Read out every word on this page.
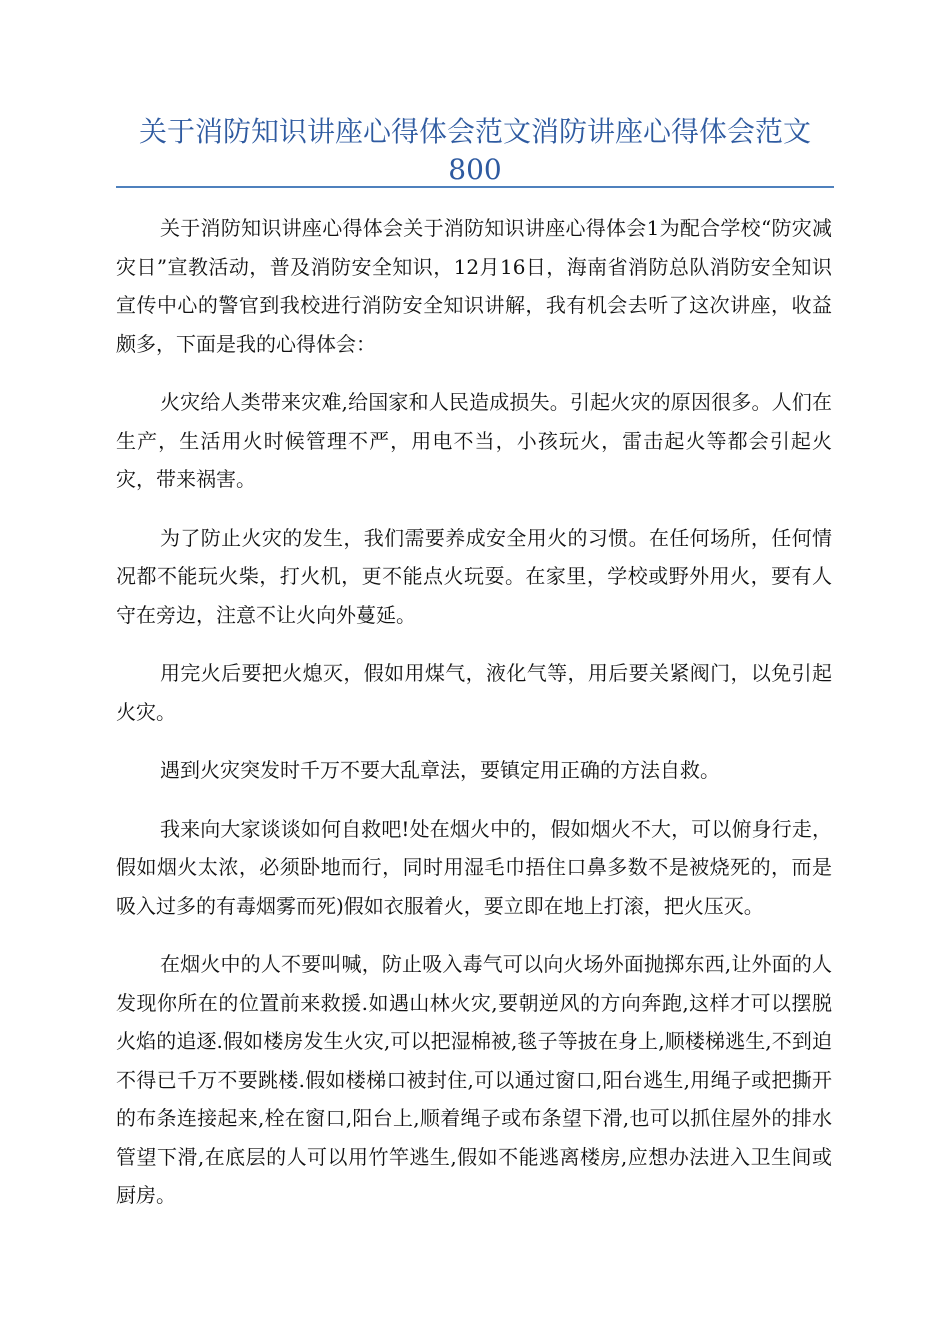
关于消防知识讲座心得体会范文消防讲座心得体会范文800

关于消防知识讲座心得体会关于消防知识讲座心得体会1为配合学校“防灾减灾日”宣教活动，普及消防安全知识，12月16日，海南省消防总队消防安全知识宣传中心的警官到我校进行消防安全知识讲解，我有机会去听了这次讲座，收益颇多，下面是我的心得体会：

火灾给人类带来灾难,给国家和人民造成损失。引起火灾的原因很多。人们在生产，生活用火时候管理不严，用电不当，小孩玩火，雷击起火等都会引起火灾，带来祸害。

为了防止火灾的发生，我们需要养成安全用火的习惯。在任何场所，任何情况都不能玩火柴，打火机，更不能点火玩耍。在家里，学校或野外用火，要有人守在旁边，注意不让火向外蔓延。

用完火后要把火熄灭，假如用煤气，液化气等，用后要关紧阀门，以免引起火灾。

遇到火灾突发时千万不要大乱章法，要镇定用正确的方法自救。

我来向大家谈谈如何自救吧!处在烟火中的，假如烟火不大，可以俯身行走，假如烟火太浓，必须卧地而行，同时用湿毛巾捂住口鼻多数不是被烧死的，而是吸入过多的有毒烟雾而死)假如衣服着火，要立即在地上打滚，把火压灭。

在烟火中的人不要叫喊，防止吸入毒气可以向火场外面抛掷东西,让外面的人发现你所在的位置前来救援.如遇山林火灾,要朝逆风的方向奔跑,这样才可以摆脱火焰的追逐.假如楼房发生火灾,可以把湿棉被,毯子等披在身上,顺楼梯逃生,不到迫不得已千万不要跳楼.假如楼梯口被封住,可以通过窗口,阳台逃生,用绳子或把撕开的布条连接起来,栓在窗口,阳台上,顺着绳子或布条望下滑,也可以抓住屋外的排水管望下滑,在底层的人可以用竹竿逃生,假如不能逃离楼房,应想办法进入卫生间或厨房。
